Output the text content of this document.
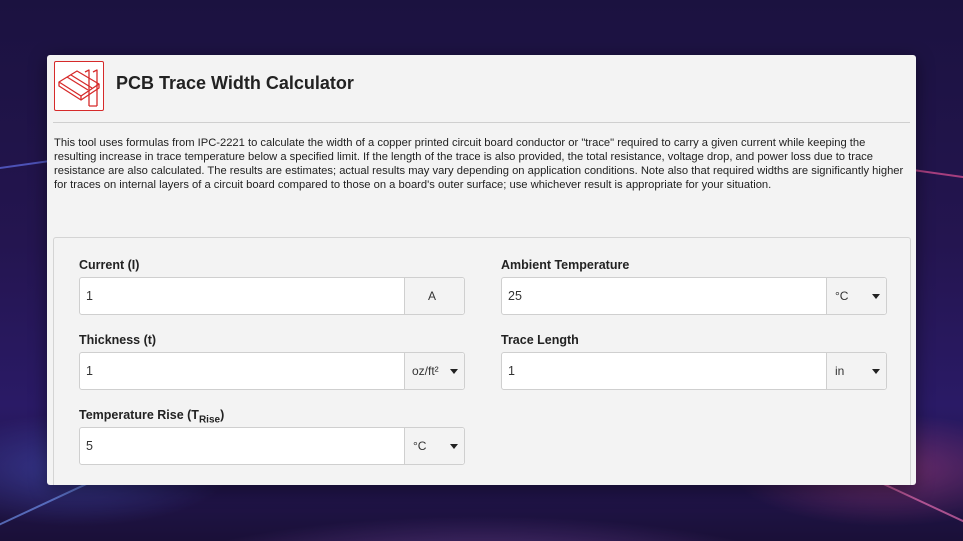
PCB Trace Width Calculator
This tool uses formulas from IPC-2221 to calculate the width of a copper printed circuit board conductor or "trace" required to carry a given current while keeping the resulting increase in trace temperature below a specified limit. If the length of the trace is also provided, the total resistance, voltage drop, and power loss due to trace resistance are also calculated. The results are estimates; actual results may vary depending on application conditions. Note also that required widths are significantly higher for traces on internal layers of a circuit board compared to those on a board's outer surface; use whichever result is appropriate for your situation.
Current (I)
1	A
Ambient Temperature
25	°C
Thickness (t)
1	oz/ft²
Trace Length
1	in
Temperature Rise $(T_{Rise})$
5	°C
